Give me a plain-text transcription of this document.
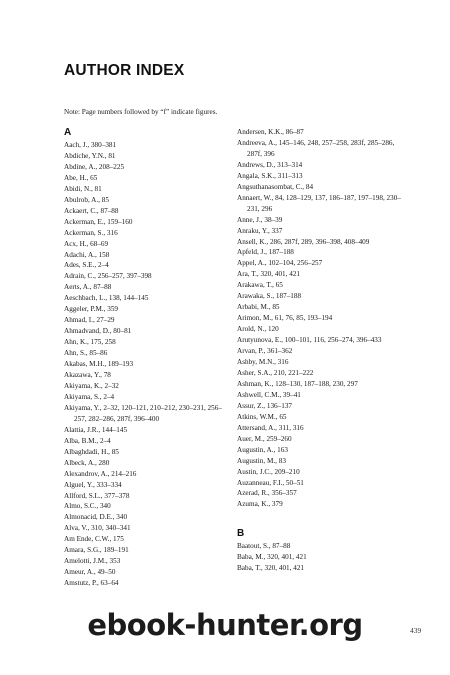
AUTHOR INDEX

Note: Page numbers followed by “f” indicate figures.

A
Aach, J., 380–381
Abdiche, Y.N., 81
Abdine, A., 208–225
Abe, H., 65
Abidi, N., 81
Abulrob, A., 85
Ackaert, C., 87–88
Ackerman, E., 159–160
Ackerman, S., 316
Acx, H., 68–69
Adachi, A., 158
Ades, S.E., 2–4
Adrain, C., 256–257, 397–398
Aerts, A., 87–88
Aeschbach, L., 138, 144–145
Aggeler, P.M., 359
Ahmad, I., 27–29
Ahmadvand, D., 80–81
Ahn, K., 175, 258
Ahn, S., 85–86
Akabas, M.H., 189–193
Akazawa, Y., 78
Akiyama, K., 2–32
Akiyama, S., 2–4
Akiyama, Y., 2–32, 120–121, 210–212, 230–231, 256–257, 282–286, 287f, 396–400
Alattia, J.R., 144–145
Alba, B.M., 2–4
Albaghdadi, H., 85
Albeck, A., 280
Alexandrov, A., 214–216
Alguel, Y., 333–334
Allford, S.L., 377–378
Almo, S.C., 340
Almonacid, D.E., 340
Alva, V., 310, 340–341
Am Ende, C.W., 175
Amara, S.G., 189–191
Amelotti, J.M., 353
Ameur, A., 49–50
Amstutz, P., 63–64
Andersen, K.K., 86–87
Andreeva, A., 145–146, 248, 257–258, 283f, 285–286, 287f, 396
Andrews, D., 313–314
Angala, S.K., 311–313
Angsuthanasombat, C., 84
Annaert, W., 84, 128–129, 137, 186–187, 197–198, 230–231, 296
Anne, J., 38–39
Anraku, Y., 337
Ansell, K., 286, 287f, 289, 396–398, 408–409
Apfeld, J., 187–188
Appel, A., 102–104, 256–257
Ara, T., 320, 401, 421
Arakawa, T., 65
Arawaka, S., 187–188
Arbabi, M., 85
Arimon, M., 61, 76, 85, 193–194
Arold, N., 120
Arutyunova, E., 100–101, 116, 256–274, 396–433
Arvan, P., 361–362
Ashby, M.N., 316
Asher, S.A., 210, 221–222
Ashman, K., 128–130, 187–188, 230, 297
Ashwell, C.M., 39–41
Assur, Z., 136–137
Atkins, W.M., 65
Attersand, A., 311, 316
Auer, M., 259–260
Augustin, A., 163
Augustin, M., 83
Austin, J.C., 209–210
Auzanneau, F.I., 50–51
Azerad, R., 356–357
Azuma, K., 379
B
Baatout, S., 87–88
Baba, M., 320, 401, 421
Baba, T., 320, 401, 421
439
ebook-hunter.org
